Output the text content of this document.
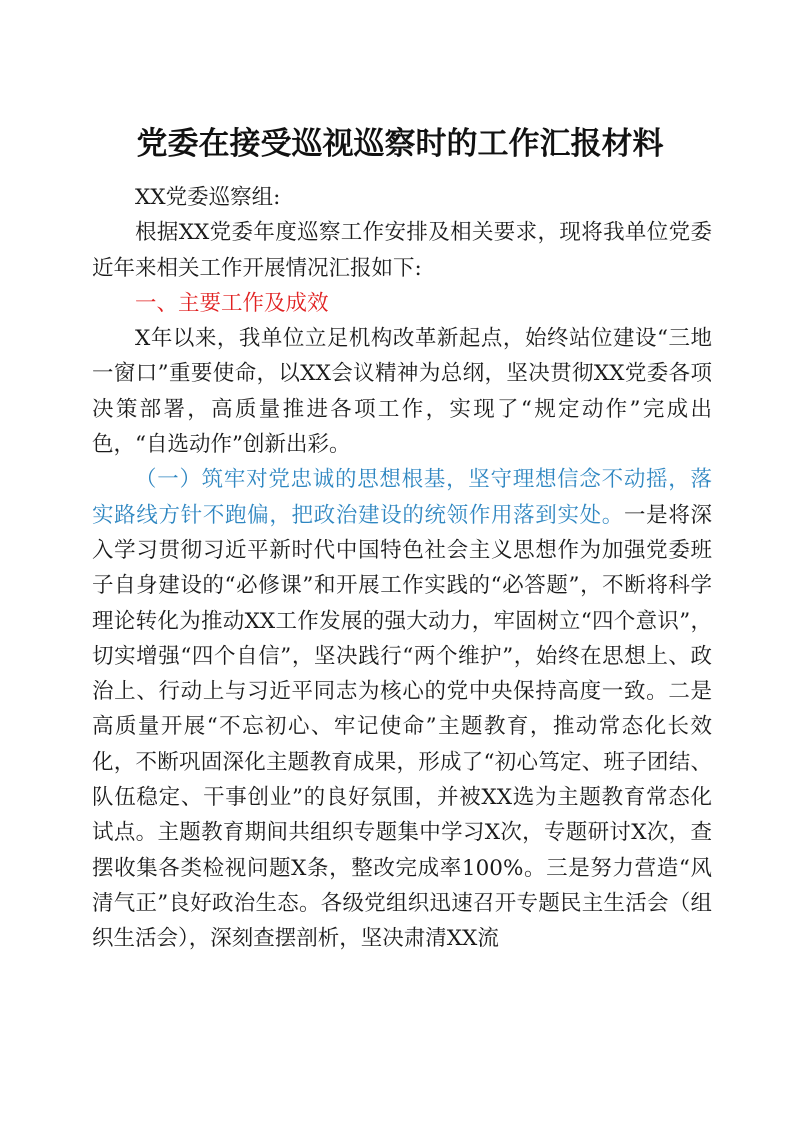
党委在接受巡视巡察时的工作汇报材料

XX党委巡察组:

根据XX党委年度巡察工作安排及相关要求，现将我单位党委近年来相关工作开展情况汇报如下:

一、主要工作及成效

X年以来，我单位立足机构改革新起点，始终站位建设“三地一窗口”重要使命，以XX会议精神为总纲，坚决贯彻XX党委各项决策部署，高质量推进各项工作，实现了“规定动作”完成出色，“自选动作”创新出彩。

（一）筑牢对党忠诚的思想根基，坚守理想信念不动摇，落实路线方针不跑偏，把政治建设的统领作用落到实处。一是将深入学习贯彻习近平新时代中国特色社会主义思想作为加强党委班子自身建设的“必修课”和开展工作实践的“必答题”，不断将科学理论转化为推动XX工作发展的强大动力，牢固树立“四个意识”，切实增强“四个自信”，坚决践行“两个维护”，始终在思想上、政治上、行动上与习近平同志为核心的党中央保持高度一致。二是高质量开展“不忘初心、牢记使命”主题教育，推动常态化长效化，不断巩固深化主题教育成果，形成了“初心笃定、班子团结、队伍稳定、干事创业”的良好氛围，并被XX选为主题教育常态化试点。主题教育期间共组织专题集中学习X次，专题研讨X次，查摆收集各类检视问题X条，整改完成率100%。三是努力营造“风清气正”良好政治生态。各级党组织迅速召开专题民主生活会（组织生活会），深刻查摆剖析，坚决肃清XX流
